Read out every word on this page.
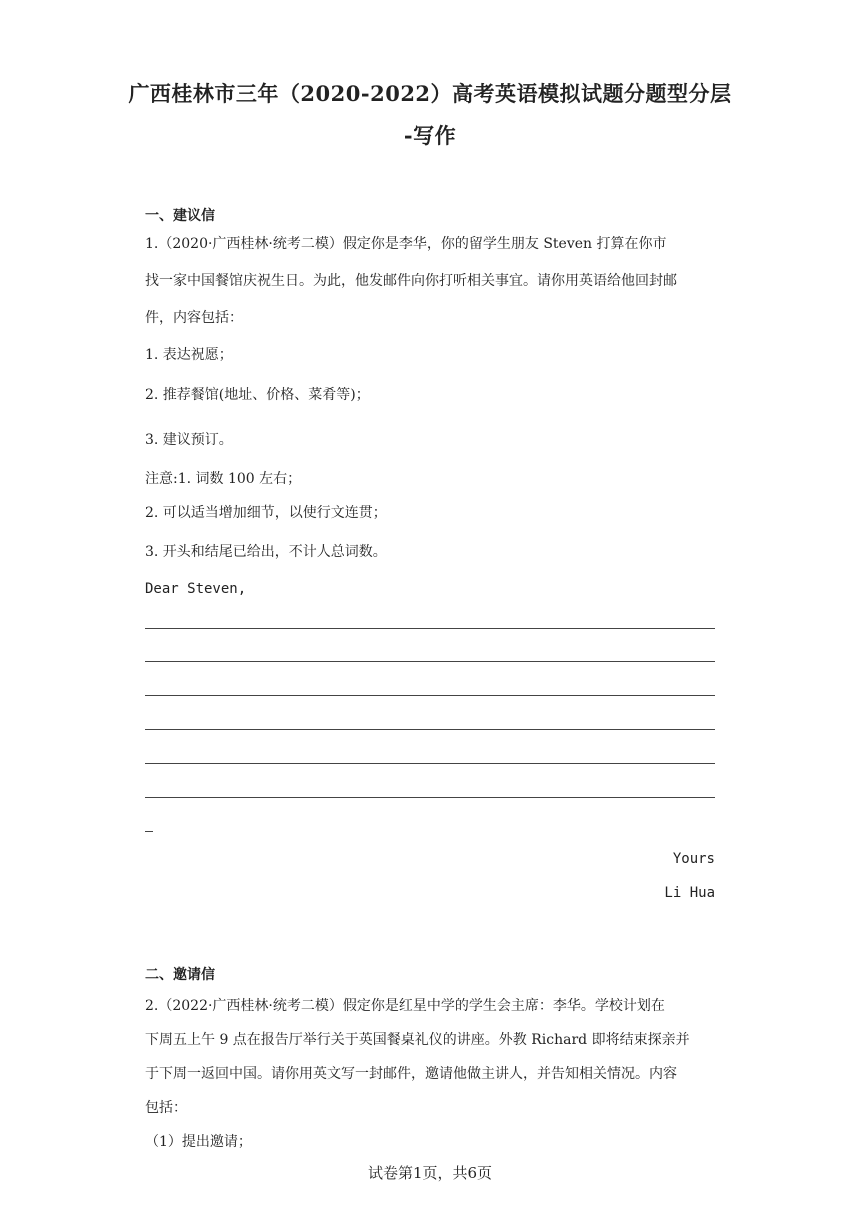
广西桂林市三年（2020-2022）高考英语模拟试题分题型分层
-写作
一、建议信
1.（2020·广西桂林·统考二模）假定你是李华，你的留学生朋友 Steven 打算在你市
找一家中国餐馆庆祝生日。为此，他发邮件向你打听相关事宜。请你用英语给他回封邮
件，内容包括：
1. 表达祝愿；
2. 推荐餐馆(地址、价格、菜肴等)；
3. 建议预订。
注意:1. 词数 100 左右；
2. 可以适当增加细节，以使行文连贯；
3. 开头和结尾已给出，不计人总词数。
Dear Steven,
Yours
Li Hua
二、邀请信
2.（2022·广西桂林·统考二模）假定你是红星中学的学生会主席：李华。学校计划在
下周五上午 9 点在报告厅举行关于英国餐桌礼仪的讲座。外教 Richard 即将结束探亲并
于下周一返回中国。请你用英文写一封邮件，邀请他做主讲人，并告知相关情况。内容
包括：
（1）提出邀请；
试卷第1页，共6页
